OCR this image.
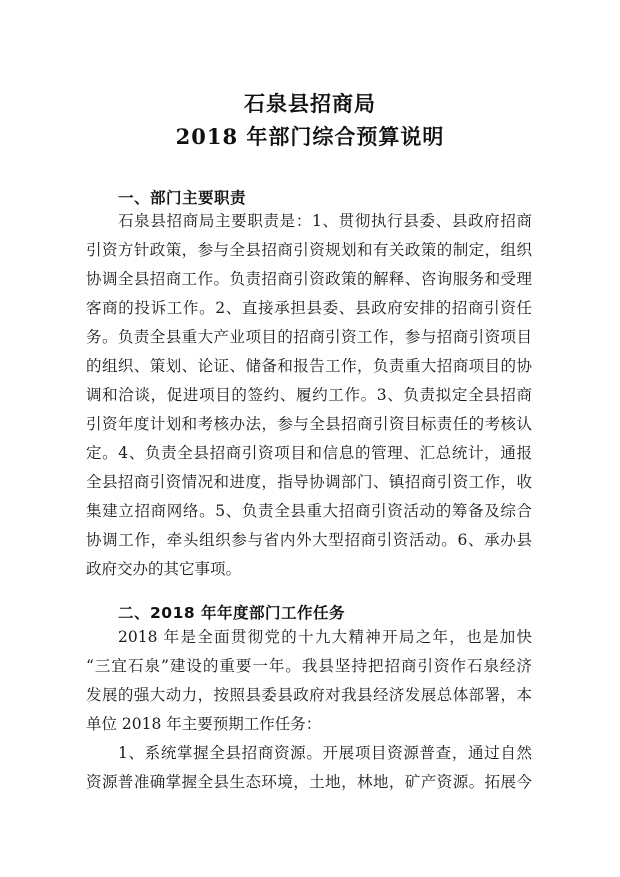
石泉县招商局
2018 年部门综合预算说明
一、部门主要职责
石泉县招商局主要职责是：1、贯彻执行县委、县政府招商
引资方针政策，参与全县招商引资规划和有关政策的制定，组织
协调全县招商工作。负责招商引资政策的解释、咨询服务和受理
客商的投诉工作。2、直接承担县委、县政府安排的招商引资任
务。负责全县重大产业项目的招商引资工作，参与招商引资项目
的组织、策划、论证、储备和报告工作，负责重大招商项目的协
调和洽谈，促进项目的签约、履约工作。3、负责拟定全县招商
引资年度计划和考核办法，参与全县招商引资目标责任的考核认
定。4、负责全县招商引资项目和信息的管理、汇总统计，通报
全县招商引资情况和进度，指导协调部门、镇招商引资工作，收
集建立招商网络。5、负责全县重大招商引资活动的筹备及综合
协调工作，牵头组织参与省内外大型招商引资活动。6、承办县
政府交办的其它事项。
二、2018 年年度部门工作任务
2018 年是全面贯彻党的十九大精神开局之年，也是加快
“三宜石泉”建设的重要一年。我县坚持把招商引资作石泉经济
发展的强大动力，按照县委县政府对我县经济发展总体部署，本
单位 2018 年主要预期工作任务：
1、系统掌握全县招商资源。开展项目资源普查，通过自然
资源普准确掌握全县生态环境，土地，林地，矿产资源。拓展今
